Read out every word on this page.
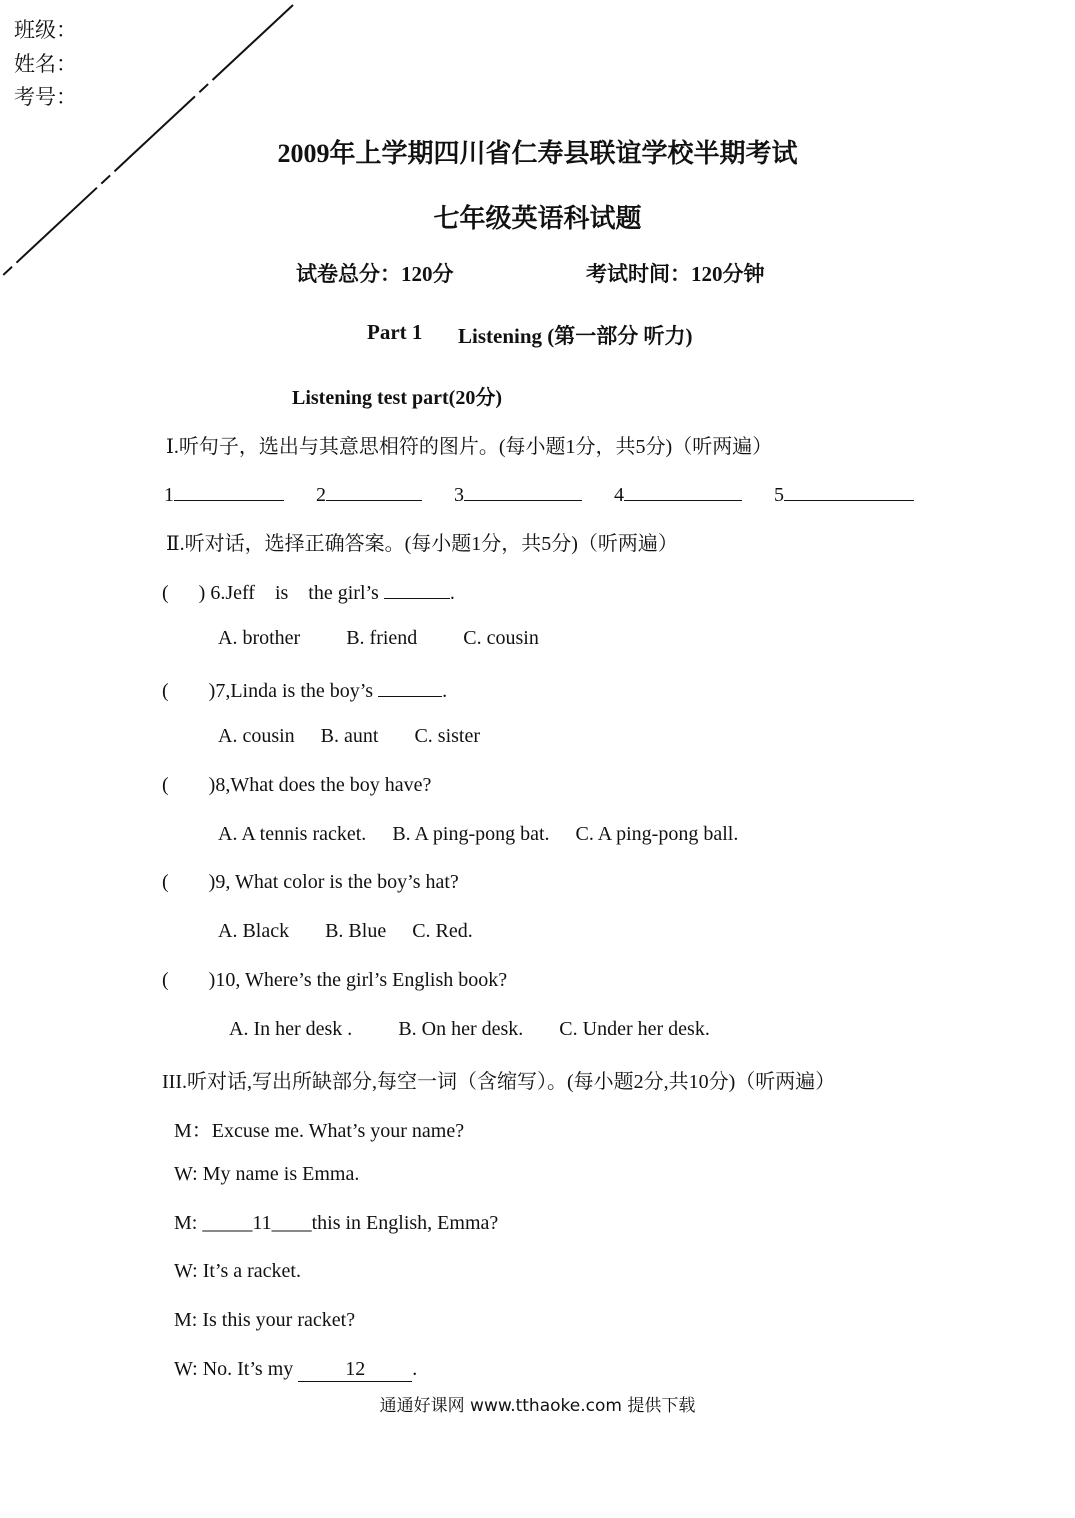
班级：
姓名：
考号：
2009年上学期四川省仁寿县联谊学校半期考试
七年级英语科试题
试卷总分：120分	考试时间：120分钟
Part 1 Listening (第一部分 听力)
Listening test part(20分)
Ⅰ.听句子，选出与其意思相符的图片。(每小题1分，共5分)（听两遍）
1	2	3	4	5
Ⅱ.听对话，选择正确答案。(每小题1分，共5分)（听两遍）
(      ) 6.Jeff    is    the girl’s	.
A. brother B. friend C. cousin
(        )7,Linda is the boy’s	.
A. cousin B. aunt C. sister
(        )8,What does the boy have?
A. A tennis racket. B. A ping-pong bat. C. A ping-pong ball.
(        )9, What color is the boy’s hat?
A. Black B. Blue C. Red.
(        )10, Where’s the girl’s English book?
A. In her desk . B. On her desk. C. Under her desk.
III.听对话,写出所缺部分,每空一词（含缩写）。(每小题2分,共10分)（听两遍）
M：Excuse me. What’s your name?
W: My name is Emma.
M: _____11____this in English, Emma?
W: It’s a racket.
M: Is this your racket?
W: No. It’s my	12 .
通通好课网 www.tthaoke.com 提供下载
